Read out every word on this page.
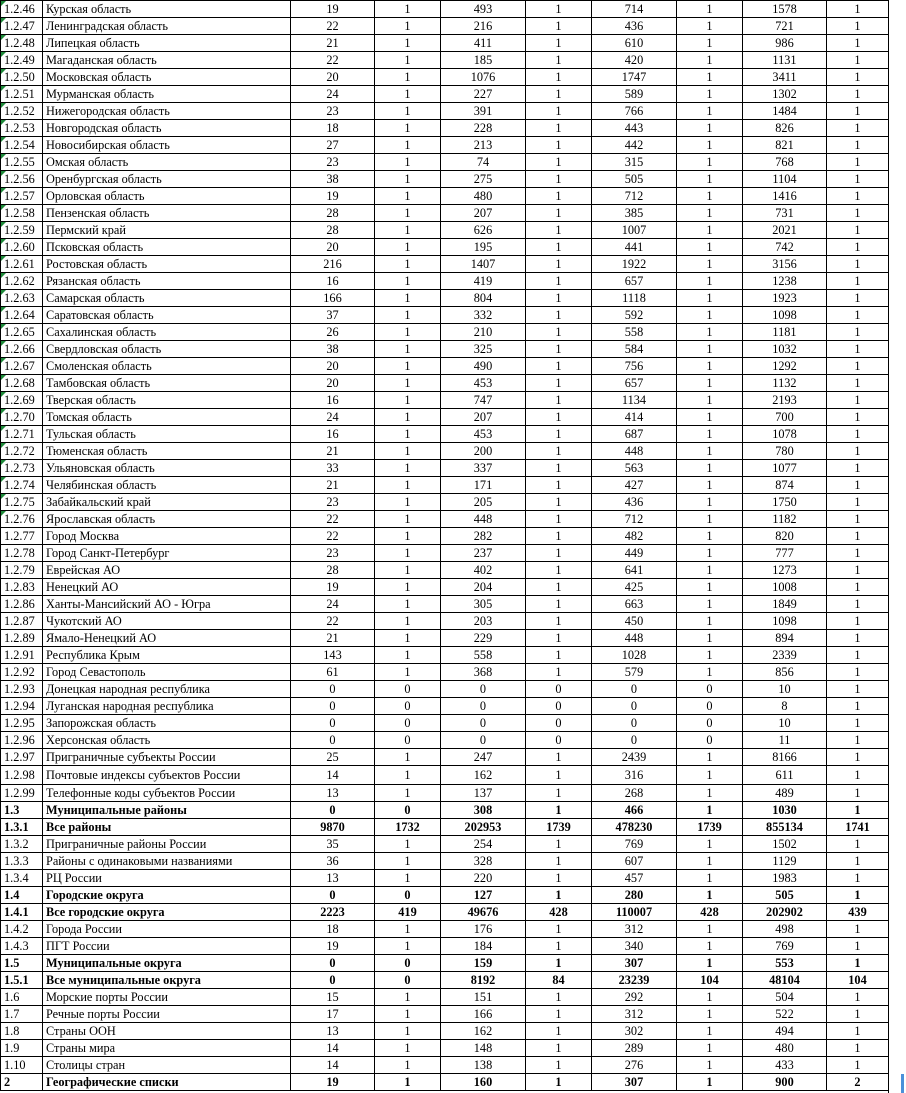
1.2.46	Курская область	19	1	493	1	714	1	1578	1

1.2.47	Ленинградская область	22	1	216	1	436	1	721	1

1.2.48	Липецкая область	21	1	411	1	610	1	986	1

1.2.49	Магаданская область	22	1	185	1	420	1	1131	1

1.2.50	Московская область	20	1	1076	1	1747	1	3411	1

1.2.51	Мурманская область	24	1	227	1	589	1	1302	1

1.2.52	Нижегородская область	23	1	391	1	766	1	1484	1

1.2.53	Новгородская область	18	1	228	1	443	1	826	1

1.2.54	Новосибирская область	27	1	213	1	442	1	821	1

1.2.55	Омская область	23	1	74	1	315	1	768	1

1.2.56	Оренбургская область	38	1	275	1	505	1	1104	1

1.2.57	Орловская область	19	1	480	1	712	1	1416	1

1.2.58	Пензенская область	28	1	207	1	385	1	731	1

1.2.59	Пермский край	28	1	626	1	1007	1	2021	1

1.2.60	Псковская область	20	1	195	1	441	1	742	1

1.2.61	Ростовская область	216	1	1407	1	1922	1	3156	1

1.2.62	Рязанская область	16	1	419	1	657	1	1238	1

1.2.63	Самарская область	166	1	804	1	1118	1	1923	1

1.2.64	Саратовская область	37	1	332	1	592	1	1098	1

1.2.65	Сахалинская область	26	1	210	1	558	1	1181	1

1.2.66	Свердловская область	38	1	325	1	584	1	1032	1

1.2.67	Смоленская область	20	1	490	1	756	1	1292	1

1.2.68	Тамбовская область	20	1	453	1	657	1	1132	1

1.2.69	Тверская область	16	1	747	1	1134	1	2193	1

1.2.70	Томская область	24	1	207	1	414	1	700	1

1.2.71	Тульская область	16	1	453	1	687	1	1078	1

1.2.72	Тюменская область	21	1	200	1	448	1	780	1

1.2.73	Ульяновская область	33	1	337	1	563	1	1077	1

1.2.74	Челябинская область	21	1	171	1	427	1	874	1

1.2.75	Забайкальский край	23	1	205	1	436	1	1750	1

1.2.76	Ярославская область	22	1	448	1	712	1	1182	1
1.2.77	Город Москва	22	1	282	1	482	1	820	1
1.2.78	Город Санкт-Петербург	23	1	237	1	449	1	777	1
1.2.79	Еврейская АО	28	1	402	1	641	1	1273	1
1.2.83	Ненецкий АО	19	1	204	1	425	1	1008	1
1.2.86	Ханты-Мансийский АО - Югра	24	1	305	1	663	1	1849	1
1.2.87	Чукотский АО	22	1	203	1	450	1	1098	1
1.2.89	Ямало-Ненецкий АО	21	1	229	1	448	1	894	1
1.2.91	Республика Крым	143	1	558	1	1028	1	2339	1
1.2.92	Город Севастополь	61	1	368	1	579	1	856	1
1.2.93	Донецкая народная республика	0	0	0	0	0	0	10	1
1.2.94	Луганская народная республика	0	0	0	0	0	0	8	1
1.2.95	Запорожская область	0	0	0	0	0	0	10	1
1.2.96	Херсонская область	0	0	0	0	0	0	11	1
1.2.97	Приграничные субъекты России	25	1	247	1	2439	1	8166	1
1.2.98	Почтовые индексы субъектов России	14	1	162	1	316	1	611	1
1.2.99	Телефонные коды субъектов России	13	1	137	1	268	1	489	1
1.3	Муниципальные районы	0	0	308	1	466	1	1030	1
1.3.1	Все районы	9870	1732	202953	1739	478230	1739	855134	1741
1.3.2	Приграничные районы России	35	1	254	1	769	1	1502	1
1.3.3	Районы с одинаковыми названиями	36	1	328	1	607	1	1129	1
1.3.4	РЦ России	13	1	220	1	457	1	1983	1
1.4	Городские округа	0	0	127	1	280	1	505	1
1.4.1	Все городские округа	2223	419	49676	428	110007	428	202902	439
1.4.2	Города России	18	1	176	1	312	1	498	1
1.4.3	ПГТ России	19	1	184	1	340	1	769	1
1.5	Муниципальные округа	0	0	159	1	307	1	553	1
1.5.1	Все муниципальные округа	0	0	8192	84	23239	104	48104	104
1.6	Морские порты России	15	1	151	1	292	1	504	1
1.7	Речные порты России	17	1	166	1	312	1	522	1
1.8	Страны ООН	13	1	162	1	302	1	494	1
1.9	Страны мира	14	1	148	1	289	1	480	1
1.10	Столицы стран	14	1	138	1	276	1	433	1
2	Географические списки	19	1	160	1	307	1	900	2
